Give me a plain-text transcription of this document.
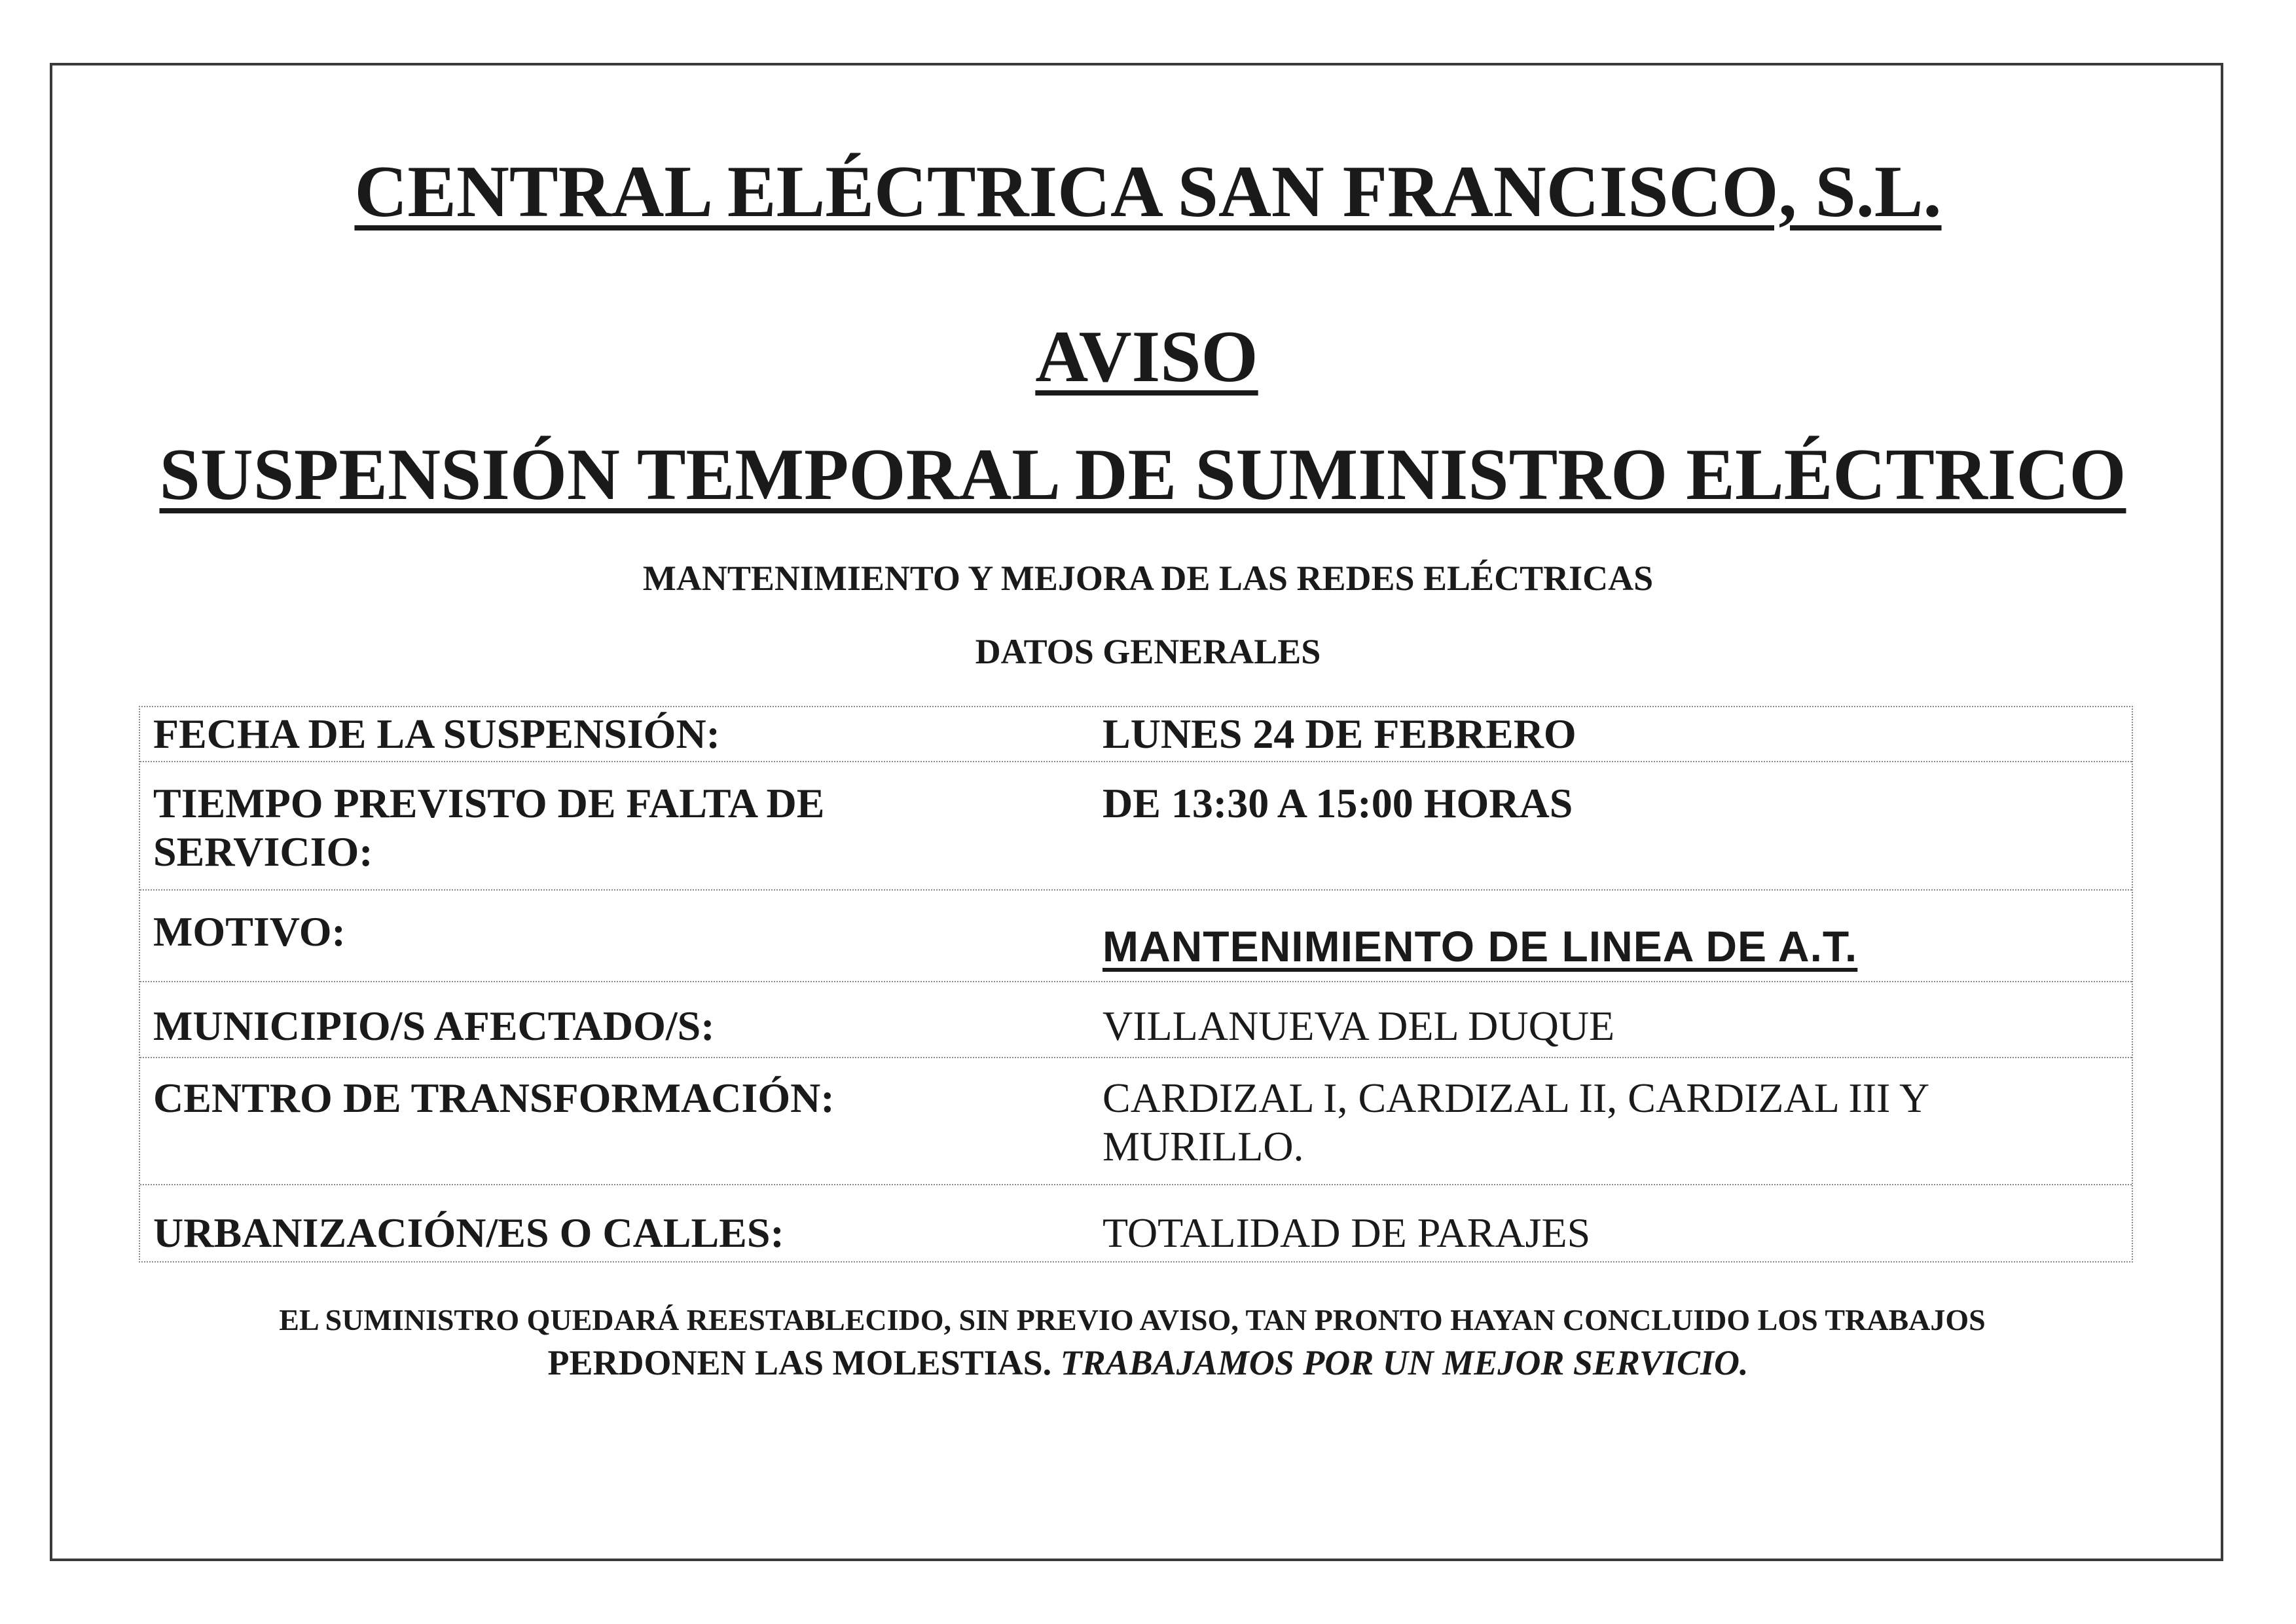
CENTRAL ELÉCTRICA SAN FRANCISCO, S.L.
AVISO
SUSPENSIÓN TEMPORAL DE SUMINISTRO ELÉCTRICO
MANTENIMIENTO Y MEJORA DE LAS REDES ELÉCTRICAS
DATOS GENERALES
FECHA DE LA SUSPENSIÓN:	LUNES 24 DE FEBRERO
TIEMPO PREVISTO DE FALTA DE SERVICIO:
DE 13:30 A 15:00 HORAS
MOTIVO:	MANTENIMIENTO DE LINEA DE A.T.
MUNICIPIO/S AFECTADO/S:	VILLANUEVA DEL DUQUE
CENTRO DE TRANSFORMACIÓN:	CARDIZAL I, CARDIZAL II, CARDIZAL III Y MURILLO.
URBANIZACIÓN/ES O CALLES:	TOTALIDAD DE PARAJES
EL SUMINISTRO QUEDARÁ REESTABLECIDO, SIN PREVIO AVISO, TAN PRONTO HAYAN CONCLUIDO LOS TRABAJOS
PERDONEN LAS MOLESTIAS. TRABAJAMOS POR UN MEJOR SERVICIO.
